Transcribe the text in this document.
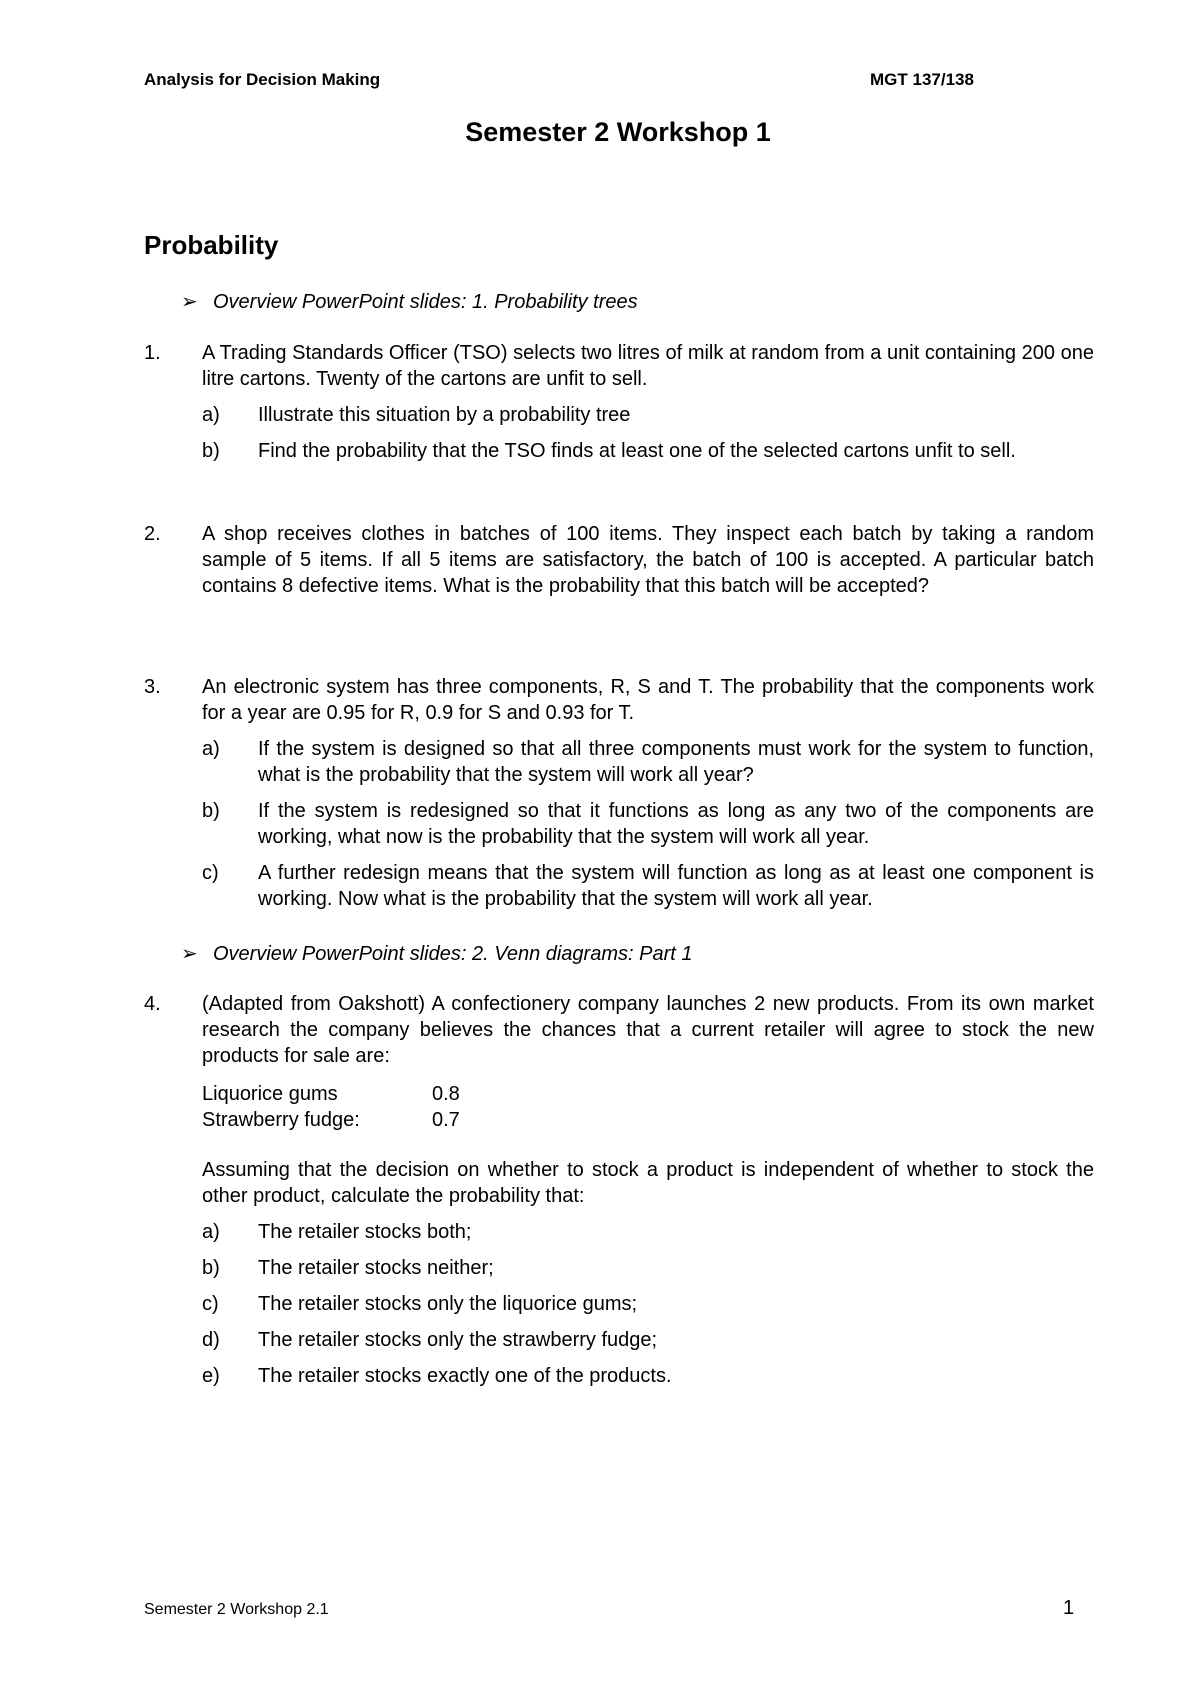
Analysis for Decision Making	MGT 137/138
Semester 2 Workshop 1
Probability
➢ Overview PowerPoint slides: 1. Probability trees
1. A Trading Standards Officer (TSO) selects two litres of milk at random from a unit containing 200 one litre cartons. Twenty of the cartons are unfit to sell.
a) Illustrate this situation by a probability tree
b) Find the probability that the TSO finds at least one of the selected cartons unfit to sell.
2. A shop receives clothes in batches of 100 items. They inspect each batch by taking a random sample of 5 items. If all 5 items are satisfactory, the batch of 100 is accepted. A particular batch contains 8 defective items. What is the probability that this batch will be accepted?
3. An electronic system has three components, R, S and T. The probability that the components work for a year are 0.95 for R, 0.9 for S and 0.93 for T.
a) If the system is designed so that all three components must work for the system to function, what is the probability that the system will work all year?
b) If the system is redesigned so that it functions as long as any two of the components are working, what now is the probability that the system will work all year.
c) A further redesign means that the system will function as long as at least one component is working. Now what is the probability that the system will work all year.
➢ Overview PowerPoint slides: 2. Venn diagrams: Part 1
4. (Adapted from Oakshott) A confectionery company launches 2 new products. From its own market research the company believes the chances that a current retailer will agree to stock the new products for sale are:
Liquorice gums	0.8
Strawberry fudge:	0.7
Assuming that the decision on whether to stock a product is independent of whether to stock the other product, calculate the probability that:
a) The retailer stocks both;
b) The retailer stocks neither;
c) The retailer stocks only the liquorice gums;
d) The retailer stocks only the strawberry fudge;
e) The retailer stocks exactly one of the products.
Semester 2 Workshop 2.1	1
